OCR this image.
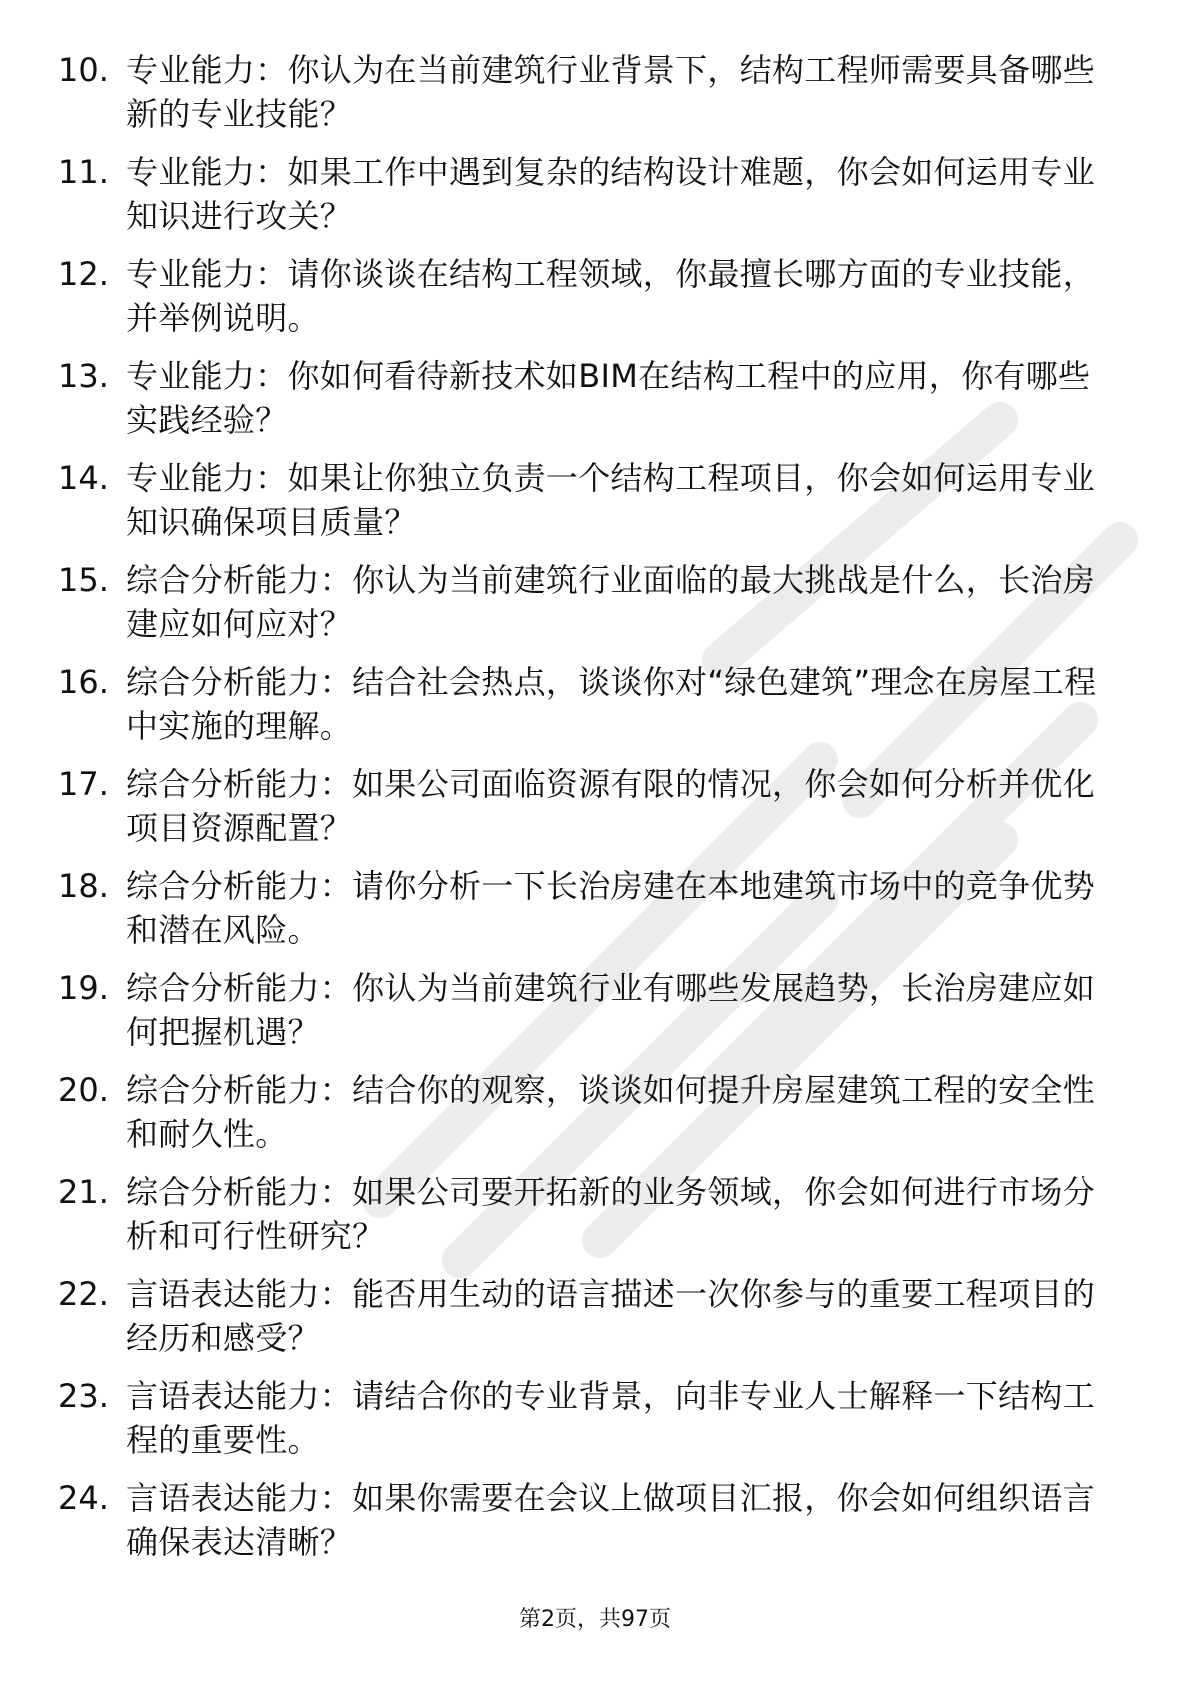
10. 专业能力：你认为在当前建筑行业背景下，结构工程师需要具备哪些新的专业技能？
11. 专业能力：如果工作中遇到复杂的结构设计难题，你会如何运用专业知识进行攻关？
12. 专业能力：请你谈谈在结构工程领域，你最擅长哪方面的专业技能，并举例说明。
13. 专业能力：你如何看待新技术如BIM在结构工程中的应用，你有哪些实践经验？
14. 专业能力：如果让你独立负责一个结构工程项目，你会如何运用专业知识确保项目质量？
15. 综合分析能力：你认为当前建筑行业面临的最大挑战是什么，长治房建应如何应对？
16. 综合分析能力：结合社会热点，谈谈你对“绿色建筑”理念在房屋工程中实施的理解。
17. 综合分析能力：如果公司面临资源有限的情况，你会如何分析并优化项目资源配置？
18. 综合分析能力：请你分析一下长治房建在本地建筑市场中的竞争优势和潜在风险。
19. 综合分析能力：你认为当前建筑行业有哪些发展趋势，长治房建应如何把握机遇？
20. 综合分析能力：结合你的观察，谈谈如何提升房屋建筑工程的安全性和耐久性。
21. 综合分析能力：如果公司要开拓新的业务领域，你会如何进行市场分析和可行性研究？
22. 言语表达能力：能否用生动的语言描述一次你参与的重要工程项目的经历和感受？
23. 言语表达能力：请结合你的专业背景，向非专业人士解释一下结构工程的重要性。
24. 言语表达能力：如果你需要在会议上做项目汇报，你会如何组织语言确保表达清晰？
第2页，共97页
